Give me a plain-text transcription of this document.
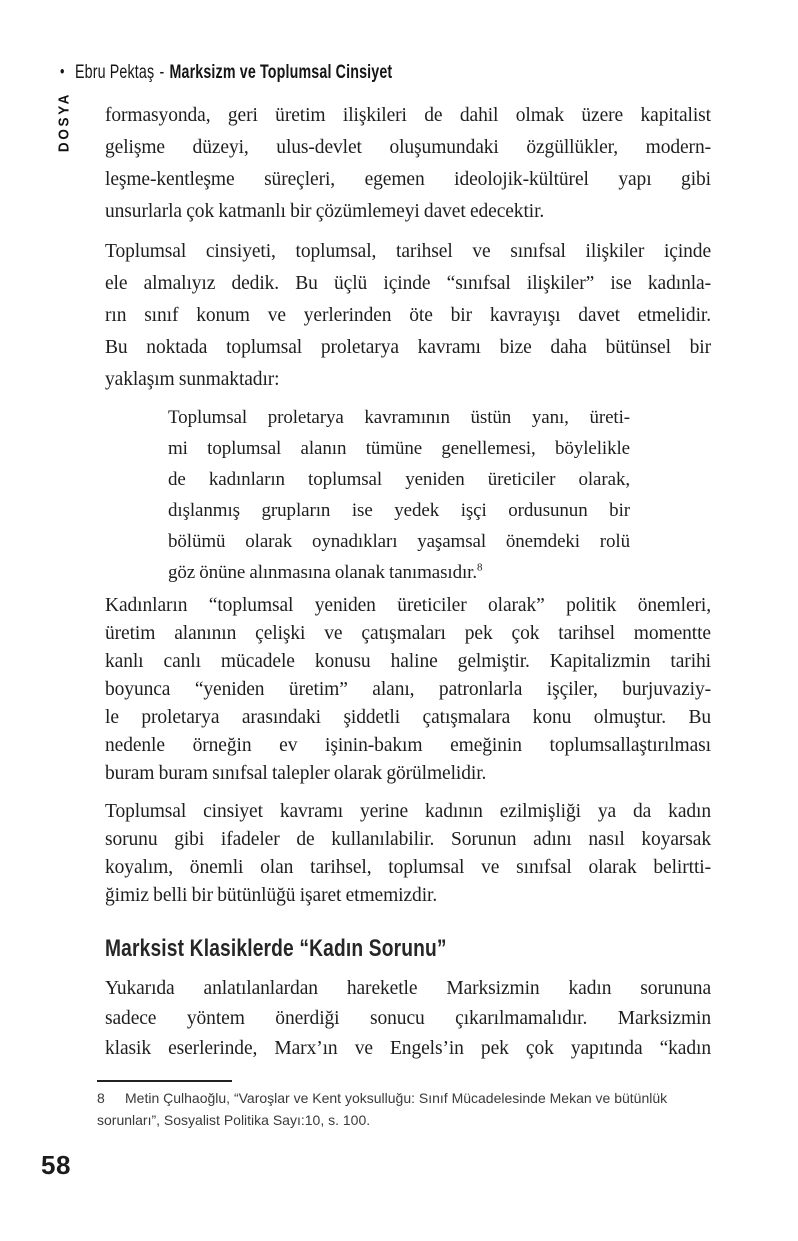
• Ebru Pektaş - Marksizm ve Toplumsal Cinsiyet
DOSYA formasyonda, geri üretim ilişkileri de dahil olmak üzere kapitalist
gelişme düzeyi, ulus-devlet oluşumundaki özgüllükler, modern-
leşme-kentleşme süreçleri, egemen ideolojik-kültürel yapı gibi
unsurlarla çok katmanlı bir çözümlemeyi davet edecektir.
Toplumsal cinsiyeti, toplumsal, tarihsel ve sınıfsal ilişkiler içinde
ele almalıyız dedik. Bu üçlü içinde “sınıfsal ilişkiler” ise kadınla-
rın sınıf konum ve yerlerinden öte bir kavrayışı davet etmelidir.
Bu noktada toplumsal proletarya kavramı bize daha bütünsel bir
yaklaşım sunmaktadır:
Toplumsal proletarya kavramının üstün yanı, üreti-
mi toplumsal alanın tümüne genellemesi, böylelikle
de kadınların toplumsal yeniden üreticiler olarak,
dışlanmış grupların ise yedek işçi ordusunun bir
bölümü olarak oynadıkları yaşamsal önemdeki rolü
göz önüne alınmasına olanak tanımasıdır.$^8$
Kadınların “toplumsal yeniden üreticiler olarak” politik önemleri,
üretim alanının çelişki ve çatışmaları pek çok tarihsel momentte
kanlı canlı mücadele konusu haline gelmiştir. Kapitalizmin tarihi
boyunca “yeniden üretim” alanı, patronlarla işçiler, burjuvaziy-
le proletarya arasındaki şiddetli çatışmalara konu olmuştur. Bu
nedenle örneğin ev işinin-bakım emeğinin toplumsallaştırılması
buram buram sınıfsal talepler olarak görülmelidir.
Toplumsal cinsiyet kavramı yerine kadının ezilmişliği ya da kadın
sorunu gibi ifadeler de kullanılabilir. Sorunun adını nasıl koyarsak
koyalım, önemli olan tarihsel, toplumsal ve sınıfsal olarak belirtti-
ğimiz belli bir bütünlüğü işaret etmemizdir.
Marksist Klasiklerde “Kadın Sorunu”
Yukarıda anlatılanlardan hareketle Marksizmin kadın sorununa
sadece yöntem önerdiği sonucu çıkarılmamalıdır. Marksizmin
klasik eserlerinde, Marx’ın ve Engels’in pek çok yapıtında “kadın
8 Metin Çulhaoğlu, “Varoşlar ve Kent yoksulluğu: Sınıf Mücadelesinde Mekan ve bütünlük
sorunları”, Sosyalist Politika Sayı:10, s. 100.
58
